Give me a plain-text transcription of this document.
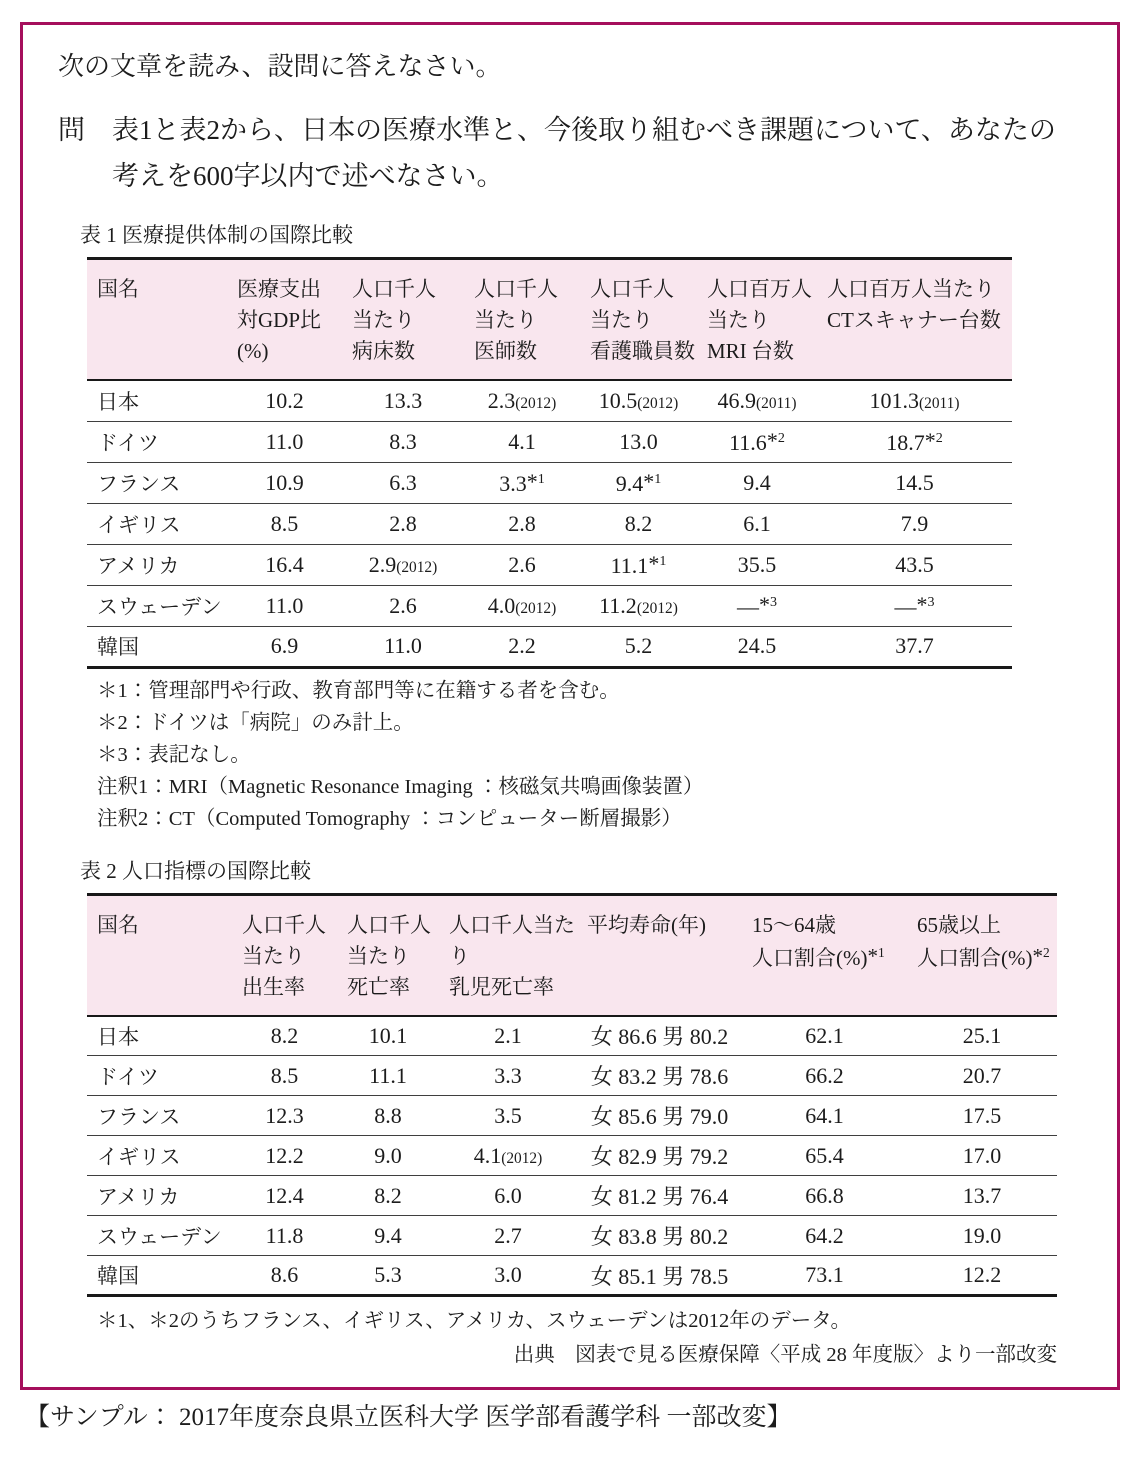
次の文章を読み、設問に答えなさい。

問 表1と表2から、日本の医療水準と、今後取り組むべき課題について、あなたの
考えを600字以内で述べなさい。

表 1 医療提供体制の国際比較

国名	医療支出
対GDP比
(%)	人口千人
当たり
病床数	人口千人
当たり
医師数	人口千人
当たり
看護職員数	人口百万人
当たり
MRI 台数	人口百万人当たり
CTスキャナー台数
日本	10.2	13.3	2.3(2012)	10.5(2012)	46.9(2011)	101.3(2011)
ドイツ	11.0	8.3	4.1	13.0	11.6*$^2$	18.7*$^2$
フランス	10.9	6.3	3.3*$^1$	9.4*$^1$	9.4	14.5
イギリス	8.5	2.8	2.8	8.2	6.1	7.9
アメリカ	16.4	2.9(2012)	2.6	11.1*$^1$	35.5	43.5
スウェーデン	11.0	2.6	4.0(2012)	11.2(2012)	—*$^3$	—*$^3$
韓国	6.9	11.0	2.2	5.2	24.5	37.7

＊1：管理部門や行政、教育部門等に在籍する者を含む。

＊2：ドイツは「病院」のみ計上。

＊3：表記なし。

注釈1：MRI（Magnetic Resonance Imaging ：核磁気共鳴画像装置）

注釈2：CT（Computed Tomography ：コンピューター断層撮影）

表 2 人口指標の国際比較

国名	人口千人
当たり
出生率	人口千人
当たり
死亡率	人口千人当たり
乳児死亡率	平均寿命(年)	15〜64歳
人口割合(%)*$^1$	65歳以上
人口割合(%)*$^2$
日本	8.2	10.1	2.1	女 86.6 男 80.2	62.1	25.1
ドイツ	8.5	11.1	3.3	女 83.2 男 78.6	66.2	20.7
フランス	12.3	8.8	3.5	女 85.6 男 79.0	64.1	17.5
イギリス	12.2	9.0	4.1(2012)	女 82.9 男 79.2	65.4	17.0
アメリカ	12.4	8.2	6.0	女 81.2 男 76.4	66.8	13.7
スウェーデン	11.8	9.4	2.7	女 83.8 男 80.2	64.2	19.0
韓国	8.6	5.3	3.0	女 85.1 男 78.5	73.1	12.2

＊1、＊2のうちフランス、イギリス、アメリカ、スウェーデンは2012年のデータ。

出典　図表で見る医療保障〈平成 28 年度版〉より一部改変

【サンプル： 2017年度奈良県立医科大学 医学部看護学科 一部改変】
